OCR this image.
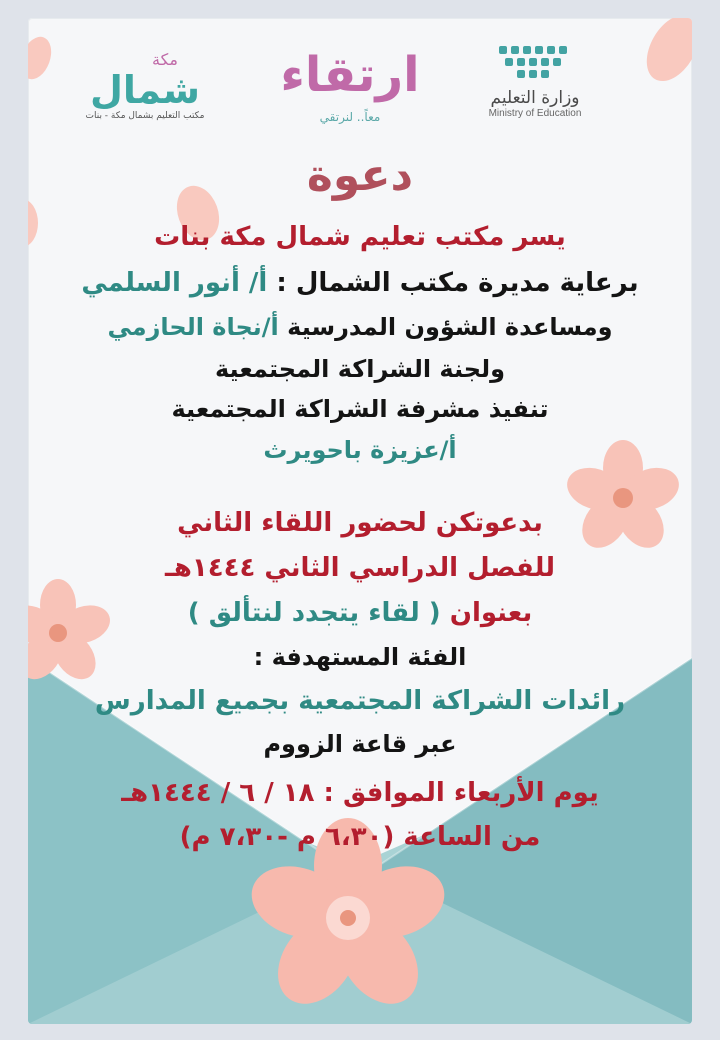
وزارة التعليم
Ministry of Education
ارتقاء
معاً.. لنرتقي
مكة
شمال
مكتب التعليم بشمال مكة - بنات
دعوة
يسر مكتب تعليم شمال مكة بنات
برعاية مديرة مكتب الشمال : أ/ أنور السلمي
ومساعدة الشؤون المدرسية أ/نجاة الحازمي
ولجنة الشراكة المجتمعية
تنفيذ مشرفة الشراكة المجتمعية
أ/عزيزة باحويرث
بدعوتكن لحضور اللقاء الثاني
للفصل الدراسي الثاني ١٤٤٤هـ
بعنوان ( لقاء يتجدد لنتألق )
الفئة المستهدفة :
رائدات الشراكة المجتمعية بجميع المدارس
عبر قاعة الزووم
يوم الأربعاء الموافق : ١٨ / ٦ / ١٤٤٤هـ
من الساعة (٦،٣٠ م -٧،٣٠ م)
